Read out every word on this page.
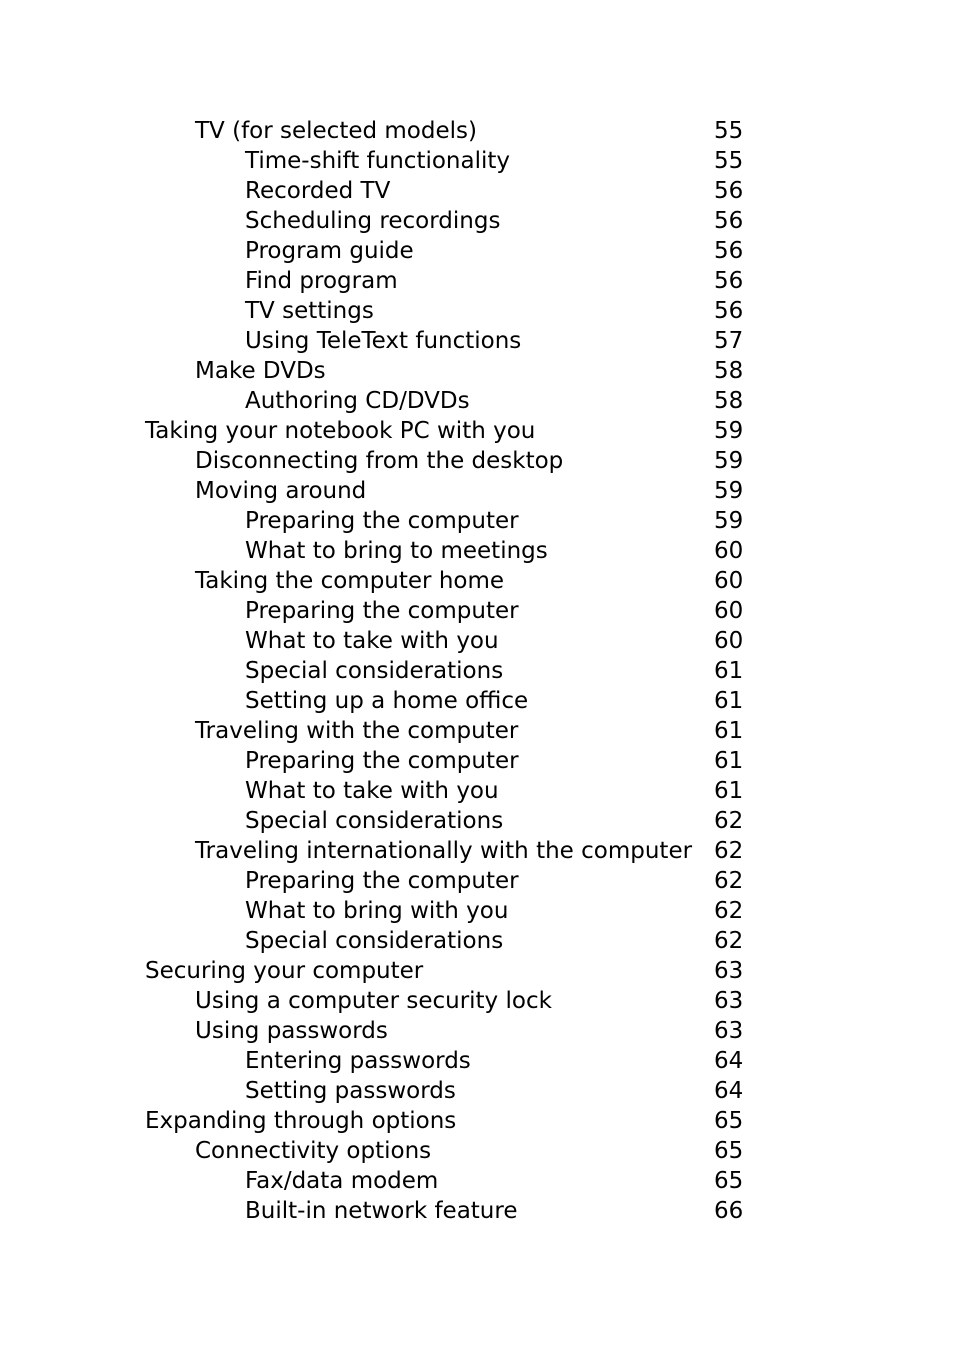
TV (for selected models)	55
Time-shift functionality	55
Recorded TV	56
Scheduling recordings	56
Program guide	56
Find program	56
TV settings	56
Using TeleText functions	57
Make DVDs	58
Authoring CD/DVDs	58
Taking your notebook PC with you	59
Disconnecting from the desktop	59
Moving around	59
Preparing the computer	59
What to bring to meetings	60
Taking the computer home	60
Preparing the computer	60
What to take with you	60
Special considerations	61
Setting up a home office	61
Traveling with the computer	61
Preparing the computer	61
What to take with you	61
Special considerations	62
Traveling internationally with the computer 62
Preparing the computer	62
What to bring with you	62
Special considerations	62
Securing your computer	63
Using a computer security lock	63
Using passwords	63
Entering passwords	64
Setting passwords	64
Expanding through options	65
Connectivity options	65
Fax/data modem	65
Built-in network feature	66
